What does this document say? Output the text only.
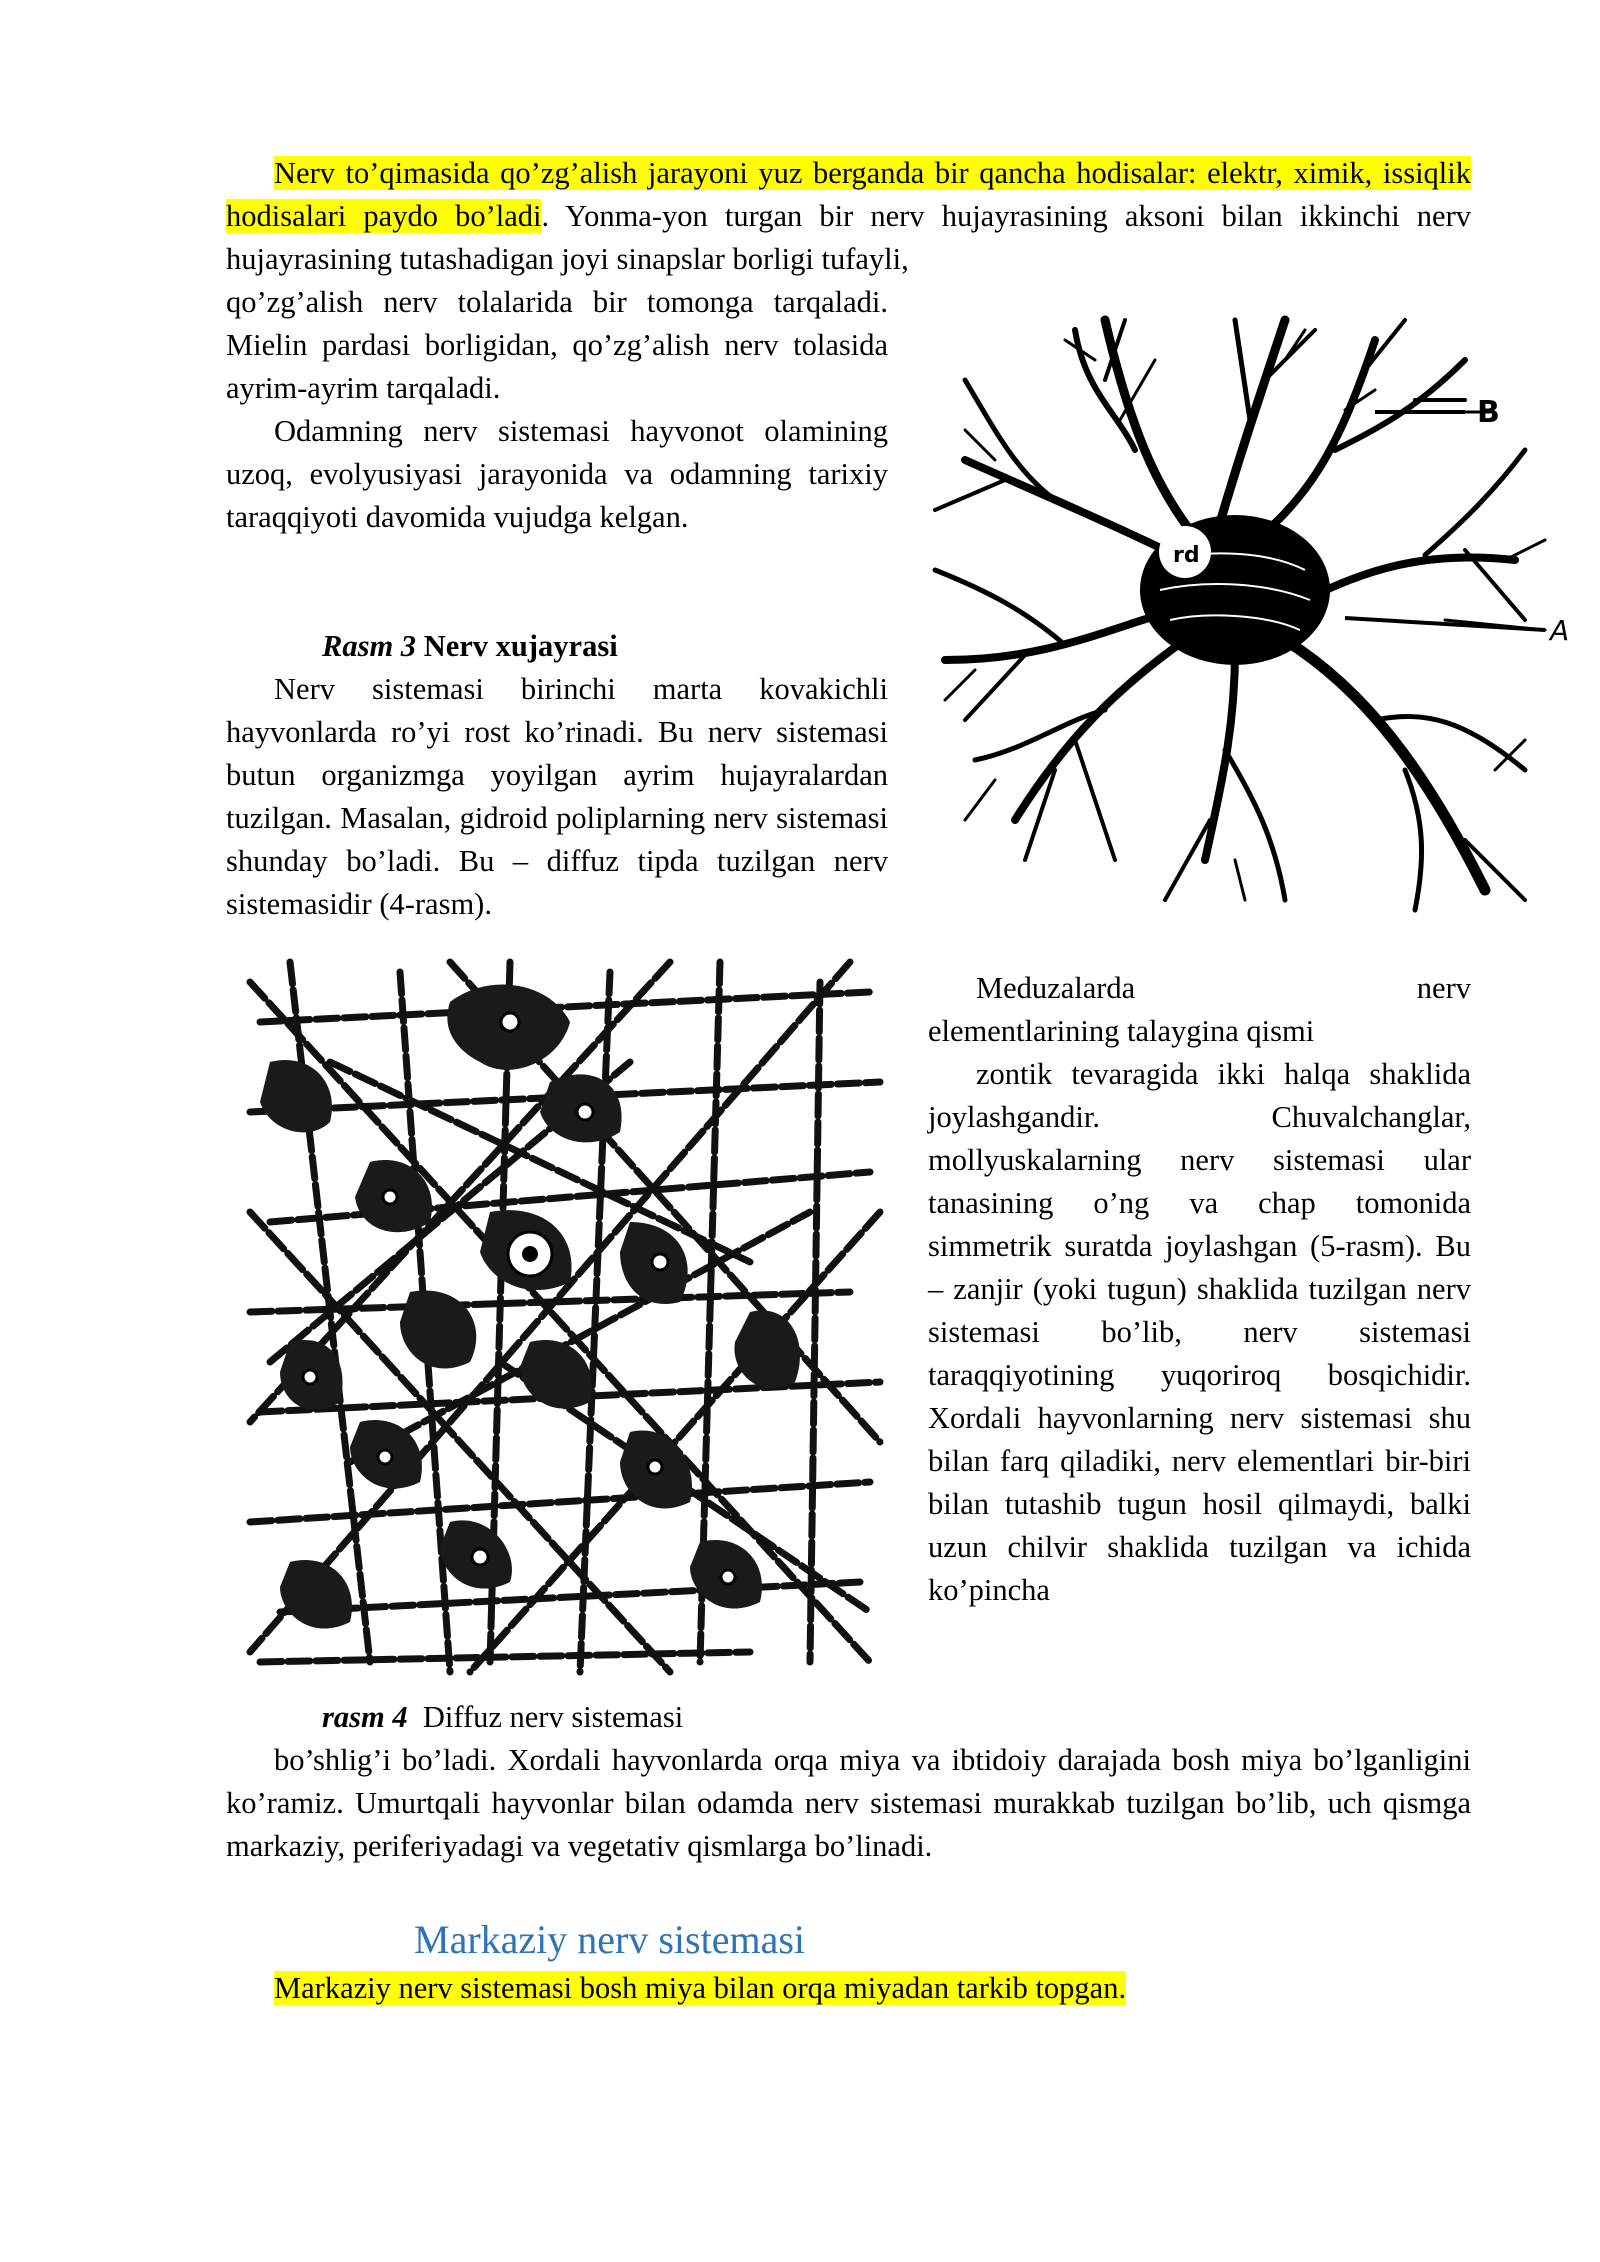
Nerv to’qimasida qo’zg’alish jarayoni yuz berganda bir qancha hodisalar: elektr, ximik, issiqlik hodisalari paydo bo’ladi. Yonma-yon turgan bir nerv hujayrasining aksoni bilan ikkinchi nerv hujayrasining tutashadigan joyi sinapslar borligi tufayli,

qo’zg’alish nerv tolalarida bir tomonga tarqaladi. Mielin pardasi borligidan, qo’zg’alish nerv tolasida ayrim-ayrim tarqaladi.

Odamning nerv sistemasi hayvonot olamining uzoq, evolyusiyasi jarayonida va odamning tarixiy taraqqiyoti davomida vujudga kelgan.

Rasm 3 Nerv xujayrasi

Nerv sistemasi birinchi marta kovakichli hayvonlarda ro’yi rost ko’rinadi. Bu nerv sistemasi butun organizmga yoyilgan ayrim hujayralardan tuzilgan. Masalan, gidroid poliplarning nerv sistemasi shunday bo’ladi. Bu – diffuz tipda tuzilgan nerv sistemasidir (4-rasm).

rd
B
A
Meduzalarda	nerv

elementlarining talaygina qismi

zontik tevaragida ikki halqa shaklida joylashgandir. Chuvalchanglar, mollyuskalarning nerv sistemasi ular tanasining o’ng va chap tomonida simmetrik suratda joylashgan (5-rasm). Bu – zanjir (yoki tugun) shaklida tuzilgan nerv sistemasi bo’lib, nerv sistemasi taraqqiyotining yuqoriroq bosqichidir. Xordali hayvonlarning nerv sistemasi shu bilan farq qiladiki, nerv elementlari bir-biri bilan tutashib tugun hosil qilmaydi, balki uzun chilvir shaklida tuzilgan va ichida ko’pincha

rasm 4  Diffuz nerv sistemasi

bo’shlig’i bo’ladi. Xordali hayvonlarda orqa miya va ibtidoiy darajada bosh miya bo’lganligini ko’ramiz. Umurtqali hayvonlar bilan odamda nerv sistemasi murakkab tuzilgan bo’lib, uch qismga markaziy, periferiyadagi va vegetativ qismlarga bo’linadi.

Markaziy nerv sistemasi

Markaziy nerv sistemasi bosh miya bilan orqa miyadan tarkib topgan.
